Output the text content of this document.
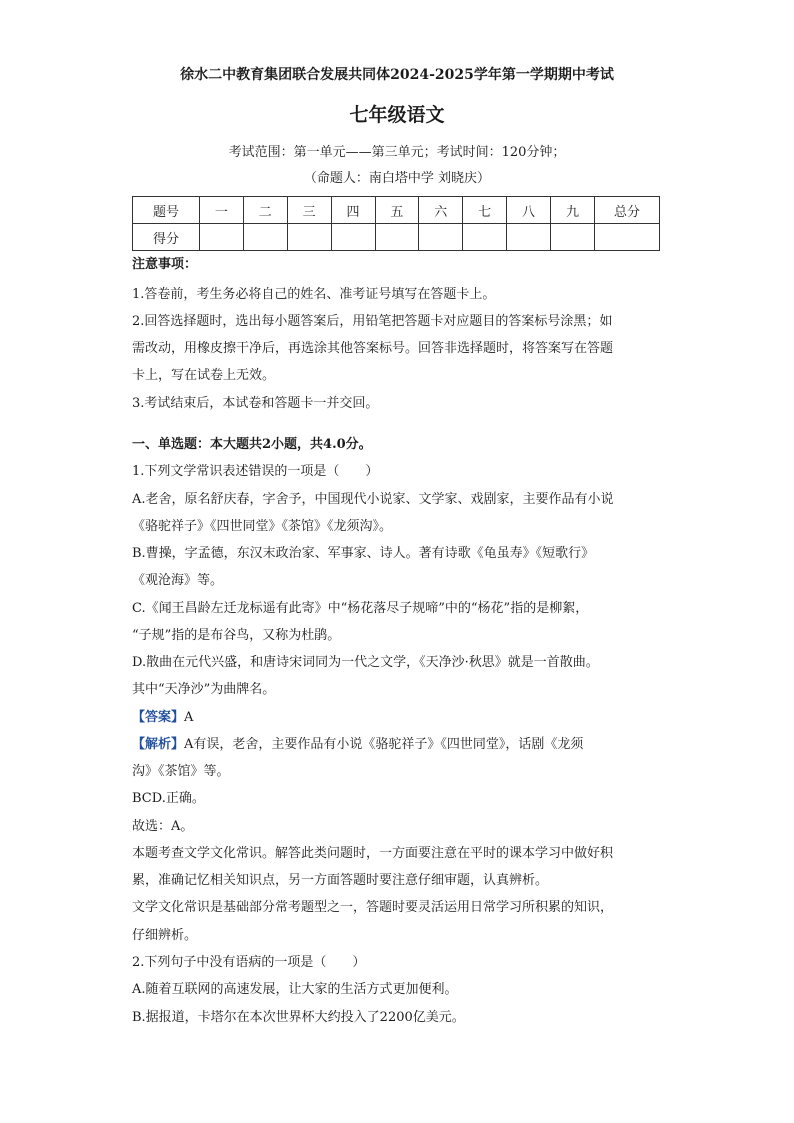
徐水二中教育集团联合发展共同体2024-2025学年第一学期期中考试
七年级语文
考试范围：第一单元——第三单元；考试时间：120分钟；
（命题人：南白塔中学 刘晓庆）
题号	一	二	三	四	五	六	七	八	九	总分
得分										
注意事项：
1.答卷前，考生务必将自己的姓名、准考证号填写在答题卡上。
2.回答选择题时，选出每小题答案后，用铅笔把答题卡对应题目的答案标号涂黑；如
需改动，用橡皮擦干净后，再选涂其他答案标号。回答非选择题时，将答案写在答题
卡上，写在试卷上无效。
3.考试结束后，本试卷和答题卡一并交回。
一、单选题：本大题共2小题，共4.0分。
1.下列文学常识表述错误的一项是（　　）
A.老舍，原名舒庆春，字舍予，中国现代小说家、文学家、戏剧家，主要作品有小说
《骆驼祥子》《四世同堂》《茶馆》《龙须沟》。
B.曹操，字孟德，东汉末政治家、军事家、诗人。著有诗歌《龟虽寿》《短歌行》
《观沧海》等。
C.《闻王昌龄左迁龙标遥有此寄》中“杨花落尽子规啼”中的“杨花”指的是柳絮，
“子规”指的是布谷鸟，又称为杜鹃。
D.散曲在元代兴盛，和唐诗宋词同为一代之文学，《天净沙·秋思》就是一首散曲。
其中“天净沙”为曲牌名。
【答案】A
【解析】A有误，老舍，主要作品有小说《骆驼祥子》《四世同堂》，话剧《龙须
沟》《茶馆》等。
BCD.正确。
故选：A。
本题考查文学文化常识。解答此类问题时，一方面要注意在平时的课本学习中做好积
累，准确记忆相关知识点，另一方面答题时要注意仔细审题，认真辨析。
文学文化常识是基础部分常考题型之一，答题时要灵活运用日常学习所积累的知识，
仔细辨析。
2.下列句子中没有语病的一项是（　　）
A.随着互联网的高速发展，让大家的生活方式更加便利。
B.据报道，卡塔尔在本次世界杯大约投入了2200亿美元。
